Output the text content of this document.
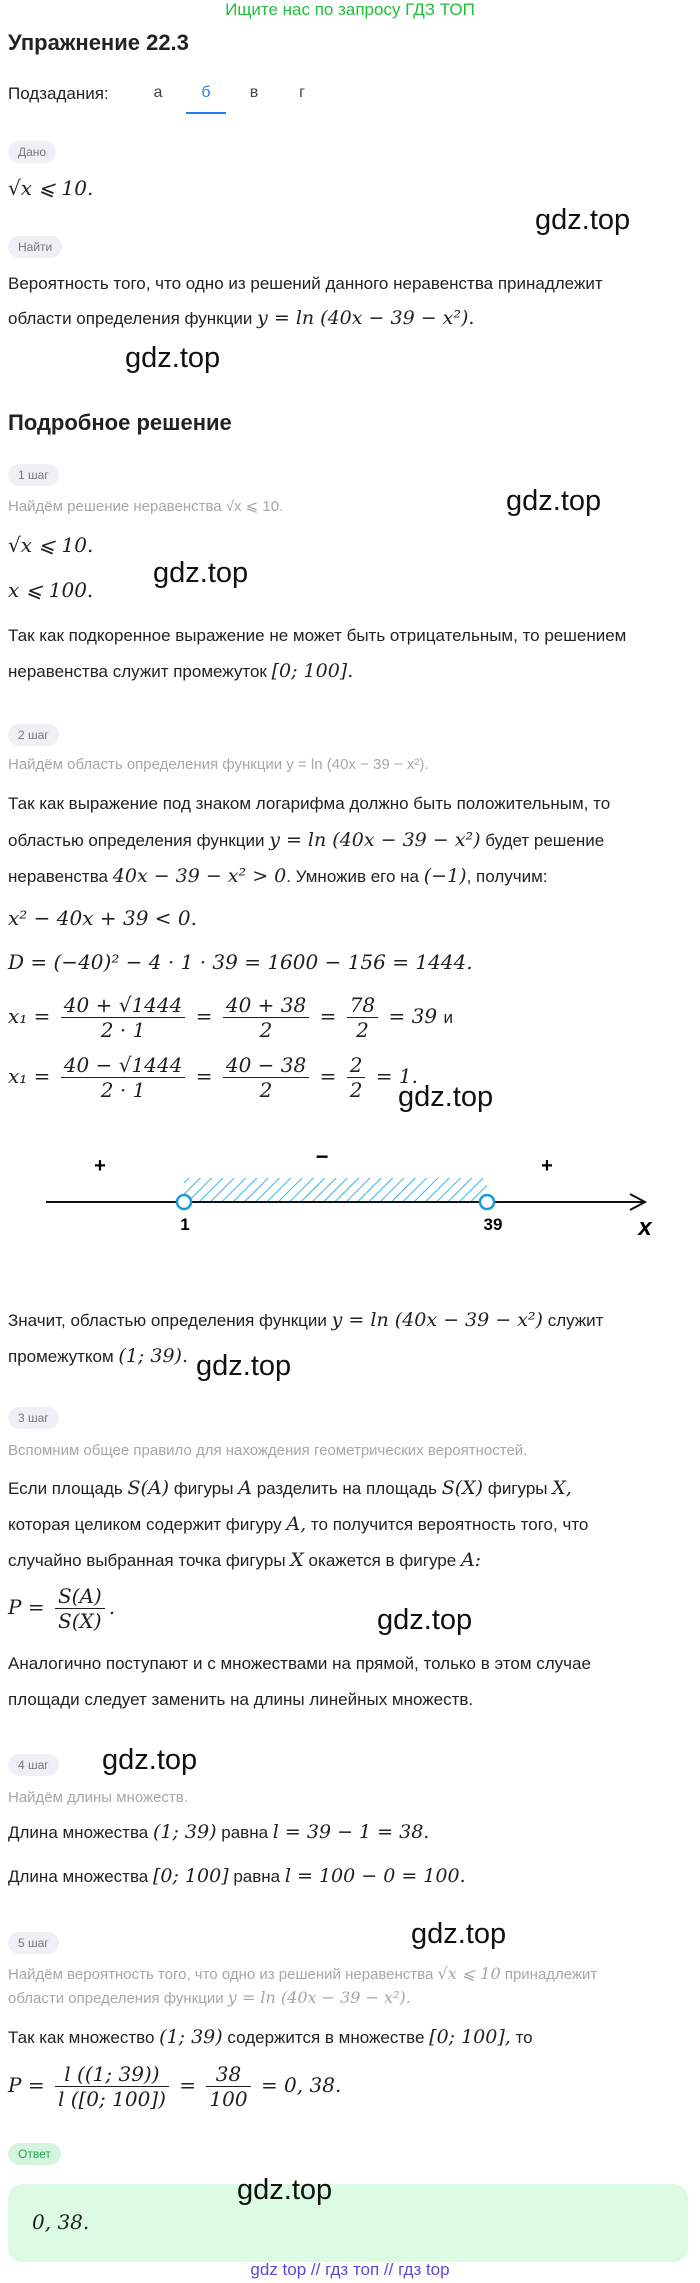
Ищите нас по запросу ГДЗ ТОП
Упражнение 22.3
Подзадания:	а	б	в	г
Дано
√x ⩽ 10.
Найти
Вероятность того, что одно из решений данного неравенства принадлежит
области определения функции y = ln (40x − 39 − x²).
Подробное решение
1 шаг
Найдём решение неравенства √x ⩽ 10.
√x ⩽ 10.
x ⩽ 100.
Так как подкоренное выражение не может быть отрицательным, то решением
неравенства служит промежуток [0; 100].
2 шаг
Найдём область определения функции y = ln (40x − 39 − x²).
Так как выражение под знаком логарифма должно быть положительным, то
областью определения функции y = ln (40x − 39 − x²) будет решение
неравенства 40x − 39 − x² > 0. Умножив его на (−1), получим:
x² − 40x + 39 < 0.
D = (−40)² − 4 · 1 · 39 = 1600 − 156 = 1444.
$x_1 = \frac{40 + √1444}{2 \cdot 1} = \frac{40 + 38}{2} = \frac{78}{2} = 39$ и
$x_1 = \frac{40 - √1444}{2 \cdot 1} = \frac{40 - 38}{2} = \frac{2}{2} = 1$.
+	−	+
1	39	x
Значит, областью определения функции y = ln (40x − 39 − x²) служит
промежутком (1; 39).
3 шаг
Вспомним общее правило для нахождения геометрических вероятностей.
Если площадь S(A) фигуры A разделить на площадь S(X) фигуры X,
которая целиком содержит фигуру A, то получится вероятность того, что
случайно выбранная точка фигуры X окажется в фигуре A:
$P = \frac{S(A)}{S(X)}$ .
Аналогично поступают и с множествами на прямой, только в этом случае
площади следует заменить на длины линейных множеств.
4 шаг
Найдём длины множеств.
Длина множества (1; 39) равна l = 39 − 1 = 38.
Длина множества [0; 100] равна l = 100 − 0 = 100.
5 шаг
Найдём вероятность того, что одно из решений неравенства √x ⩽ 10 принадлежит
области определения функции y = ln (40x − 39 − x²).
Так как множество (1; 39) содержится в множестве [0; 100], то
$P = \frac{l ((1; 39))}{l ([0; 100])} = \frac{38}{100} = 0$, 38.
Ответ
0, 38.
gdz.top
gdz.top
gdz.top
gdz.top
gdz.top
gdz.top
gdz.top
gdz.top
gdz.top
gdz.top
gdz top // гдз топ // гдз top
